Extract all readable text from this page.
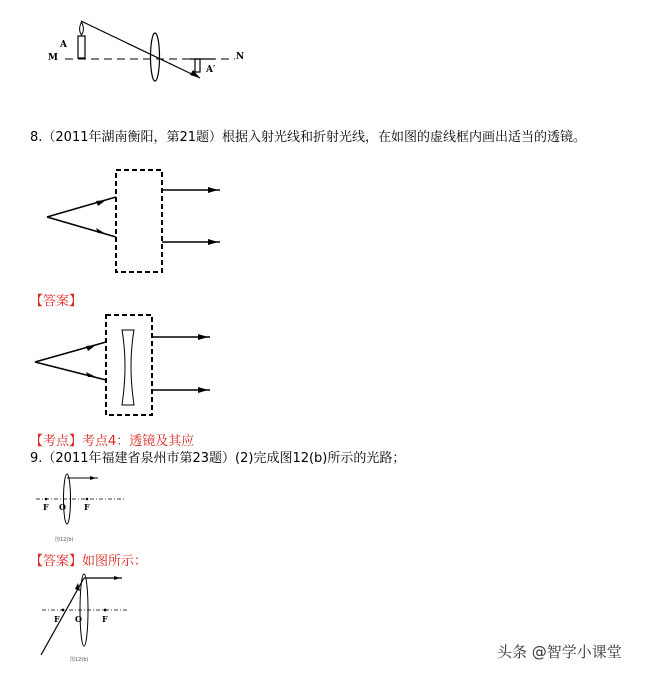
A
M	N
A′
8.（2011年湖南衡阳，第21题）根据入射光线和折射光线，在如图的虚线框内画出适当的透镜。
【答案】
【考点】考点4：透镜及其应
9.（2011年福建省泉州市第23题）(2)完成图12(b)所示的光路；
F O F
图12(b)
【答案】如图所示：
F O	F
图12(b)	头条 @智学小课堂
